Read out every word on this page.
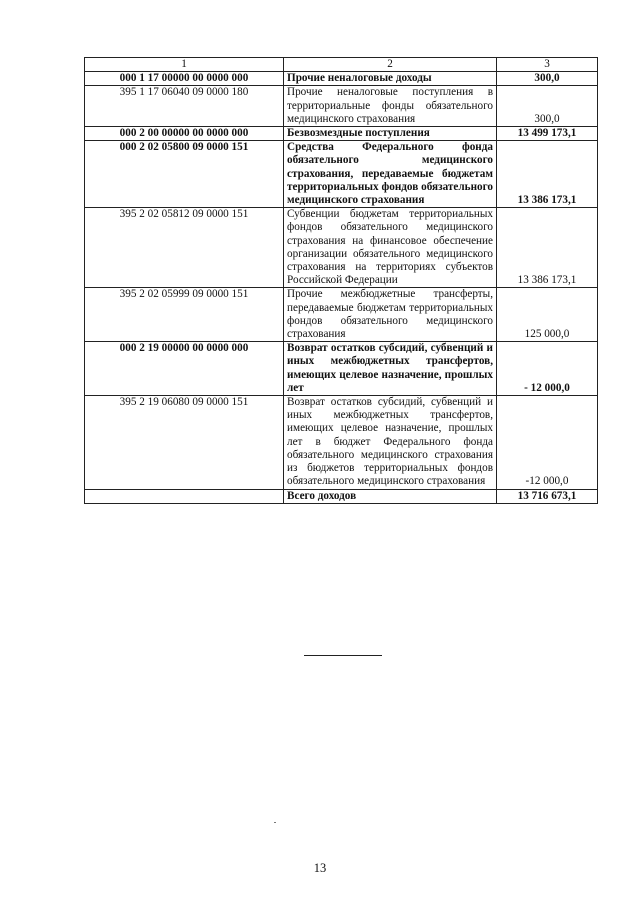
1	2	3
000 1 17 00000 00 0000 000	Прочие неналоговые доходы	300,0
395 1 17 06040 09 0000 180	Прочие неналоговые поступления в территориальные фонды обязательного медицинского страхования	300,0
000 2 00 00000 00 0000 000	Безвозмездные поступления	13 499 173,1
000 2 02 05800 09 0000 151	Средства Федерального фонда обязательного медицинского страхования, передаваемые бюджетам территориальных фондов обязательного медицинского страхования	13 386 173,1
395 2 02 05812 09 0000 151	Субвенции бюджетам территориальных фондов обязательного медицинского страхования на финансовое обеспечение организации обязательного медицинского страхования на территориях субъектов Российской Федерации	13 386 173,1
395 2 02 05999 09 0000 151	Прочие межбюджетные трансферты, передаваемые бюджетам территориальных фондов обязательного медицинского страхования	125 000,0
000 2 19 00000 00 0000 000	Возврат остатков субсидий, субвенций и иных межбюджетных трансфертов, имеющих целевое назначение, прошлых лет	- 12 000,0
395 2 19 06080 09 0000 151	Возврат остатков субсидий, субвенций и иных межбюджетных трансфертов, имеющих целевое назначение, прошлых лет в бюджет Федерального фонда обязательного медицинского страхования из бюджетов территориальных фондов обязательного медицинского страхования	-12 000,0
	Всего доходов	13 716 673,1
13
